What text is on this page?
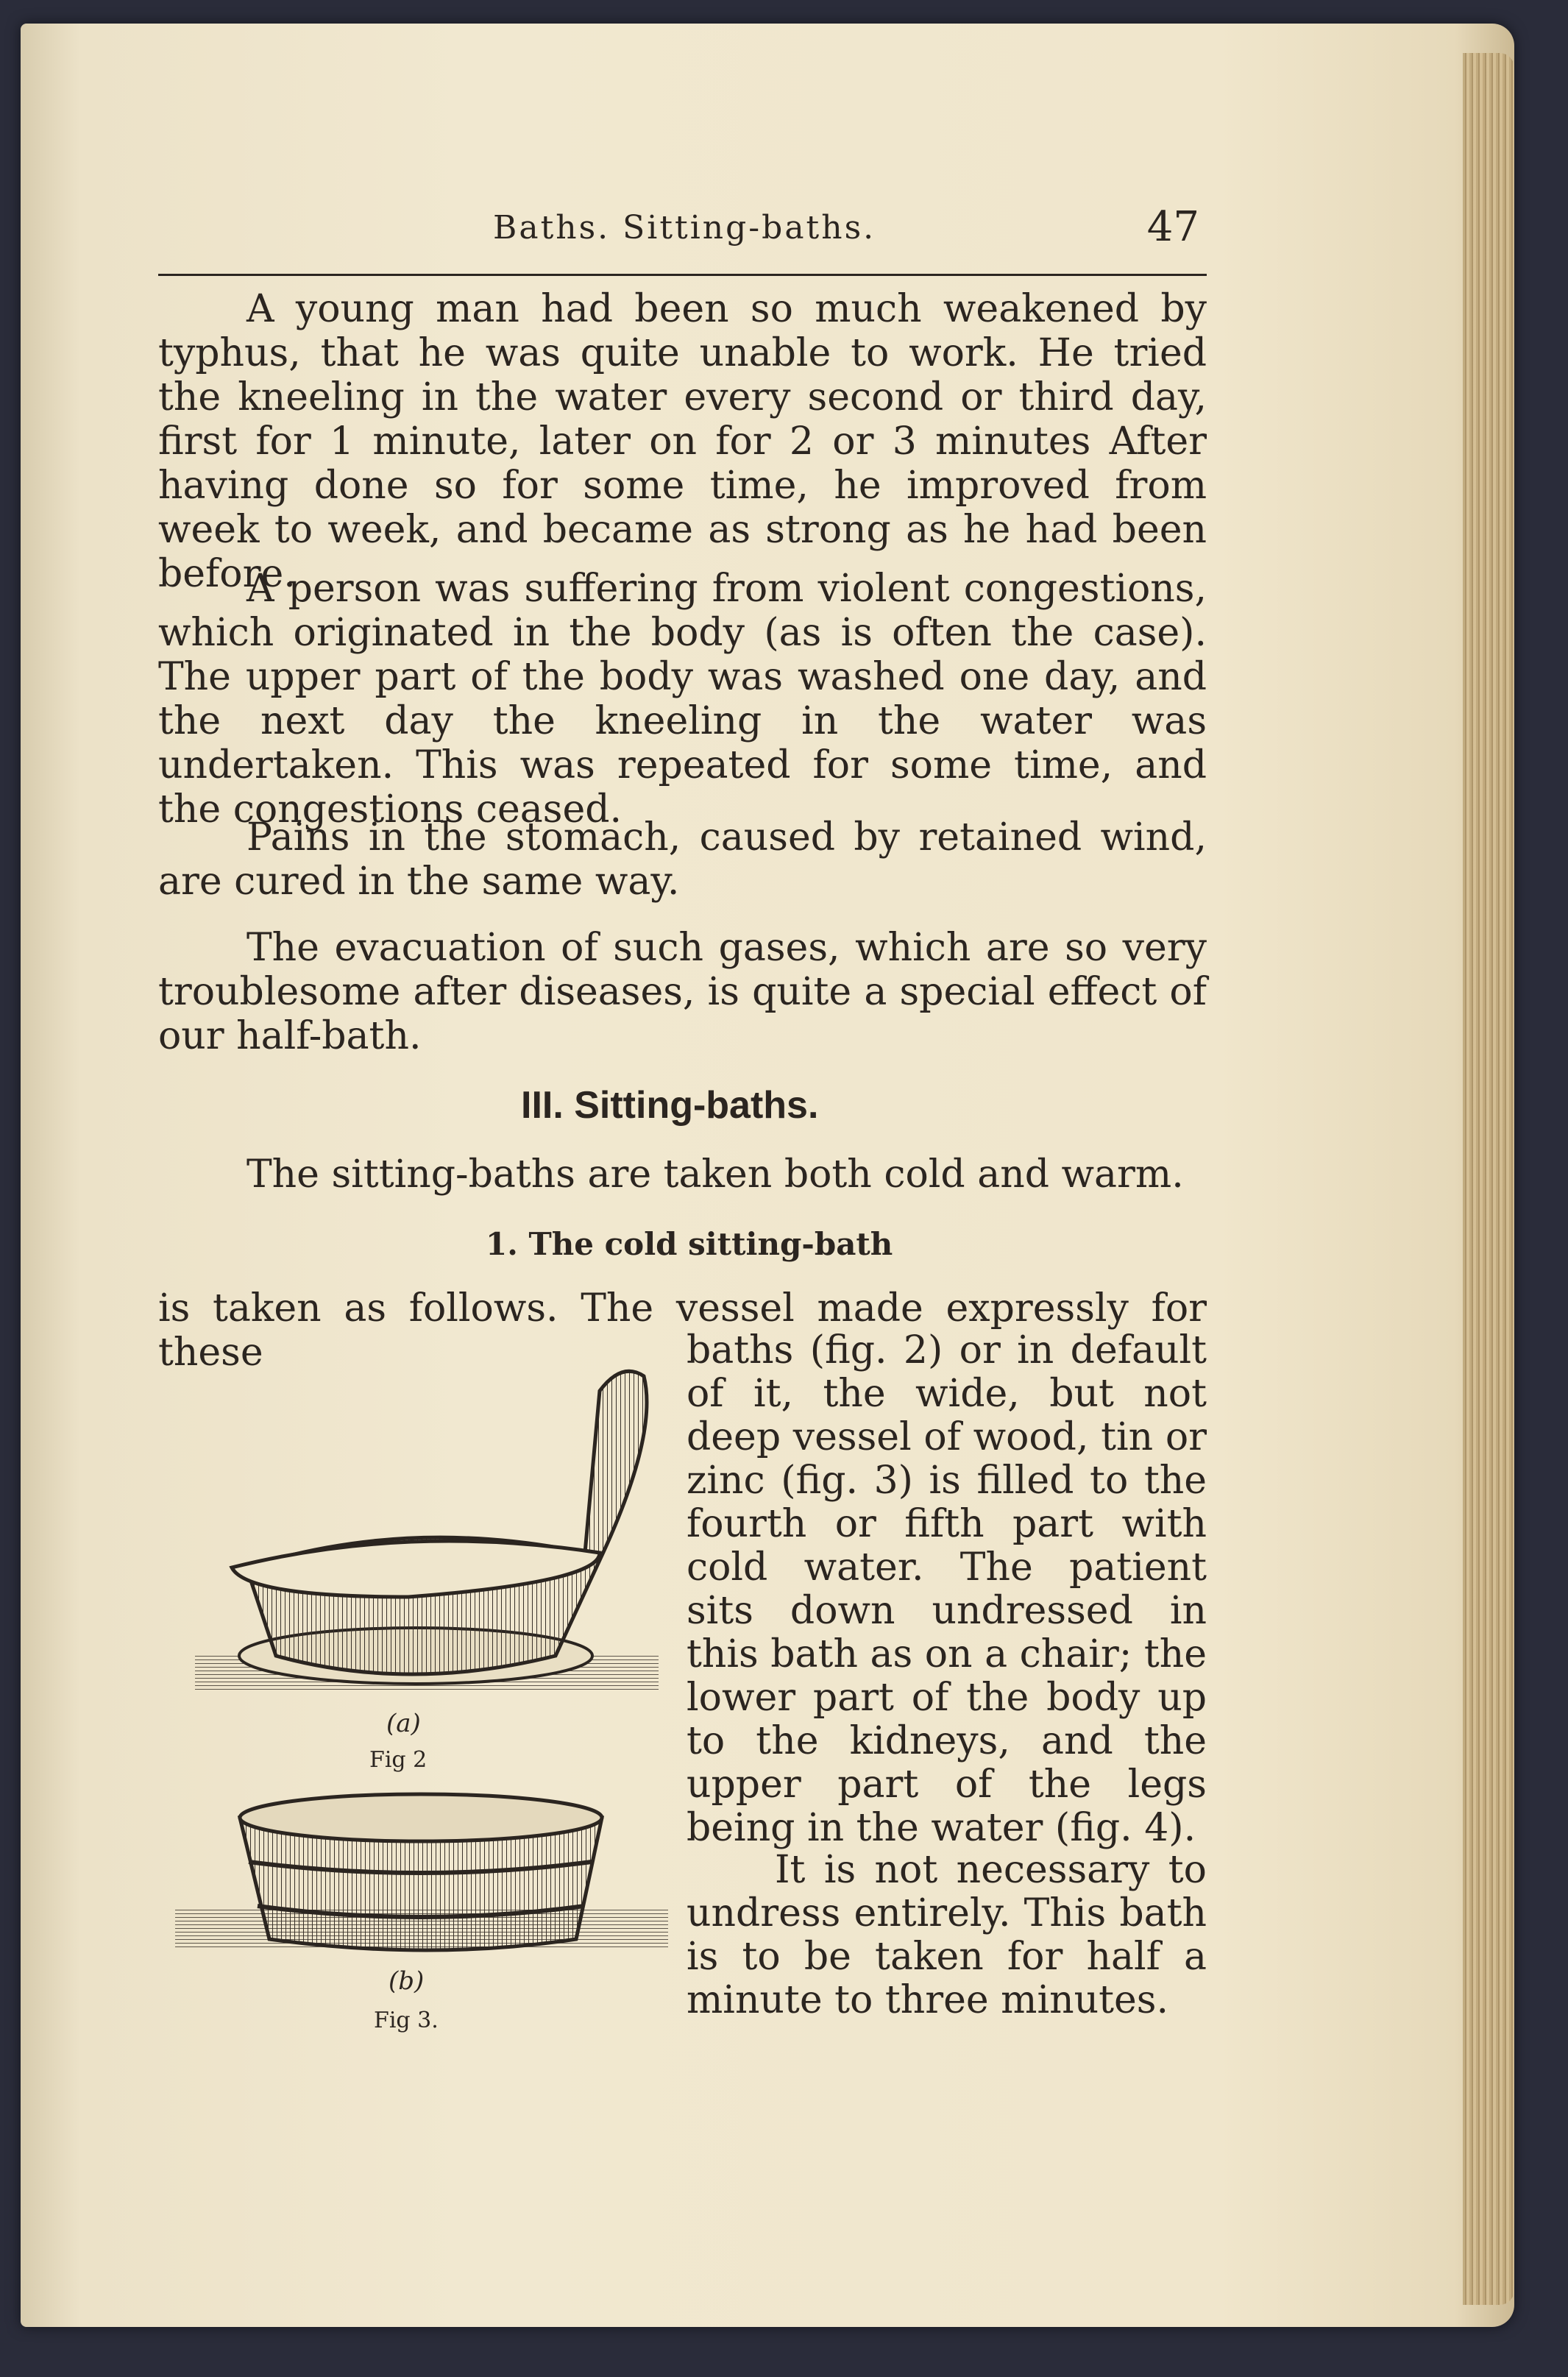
Baths. Sitting-baths.	47

A young man had been so much weakened by typhus, that he was quite unable to work. He tried the kneeling in the water every second or third day, first for 1 minute, later on for 2 or 3 minutes After having done so for some time, he improved from week to week, and became as strong as he had been before.

A person was suffering from violent congestions, which originated in the body (as is often the case). The upper part of the body was washed one day, and the next day the kneeling in the water was undertaken. This was repeated for some time, and the congestions ceased.

Pains in the stomach, caused by retained wind, are cured in the same way.

The evacuation of such gases, which are so very troublesome after diseases, is quite a special effect of our half-bath.

III. Sitting-baths.

The sitting-baths are taken both cold and warm.

1. The cold sitting-bath

is taken as follows. The vessel made expressly for these	baths (fig. 2) or in default of it, the wide, but not deep vessel of wood, tin or zinc (fig. 3) is filled to the fourth or fifth part with cold water. The patient sits down undressed in this bath as on a chair; the lower part of the body up to the kidneys, and the upper part of the legs being in the water (fig. 4).

It is not necessary to undress entirely. This bath is to be taken for half a minute to three minutes.

(a)
Fig 2
(b)
Fig 3.
